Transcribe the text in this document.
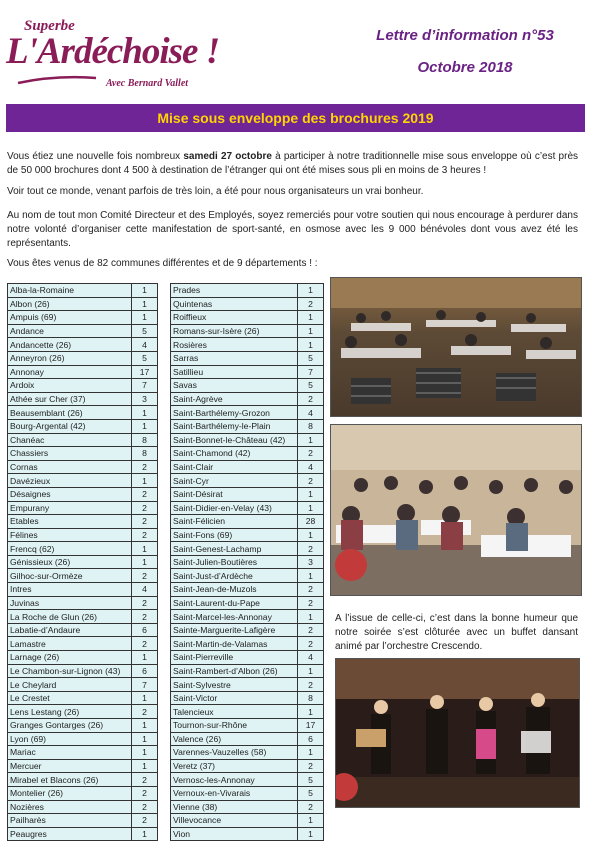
Superbe
L'Ardéchoise !
Avec Bernard Vallet
Lettre d’information n°53
Octobre 2018
Mise sous enveloppe des brochures 2019
Vous étiez une nouvelle fois nombreux samedi 27 octobre à participer à notre traditionnelle mise sous enveloppe où c’est près de 50 000 brochures dont 4 500 à destination de l’étranger qui ont été mises sous pli en moins de 3 heures !
Voir tout ce monde, venant parfois de très loin, a été pour nous organisateurs un vrai bonheur.
Au nom de tout mon Comité Directeur et des Employés, soyez remerciés pour votre soutien qui nous encourage à perdurer dans notre volonté d’organiser cette manifestation de sport-santé, en osmose avec les 9 000 bénévoles dont vous avez été les représentants.
Vous êtes venus de 82 communes différentes et de 9 départements ! :
Alba-la-Romaine	1
Albon (26)	1
Ampuis (69)	1
Andance	5
Andancette (26)	4
Anneyron (26)	5
Annonay	17
Ardoix	7
Athée sur Cher (37)	3
Beausemblant (26)	1
Bourg-Argental (42)	1
Chanéac	8
Chassiers	8
Cornas	2
Davézieux	1
Désaignes	2
Empurany	2
Etables	2
Félines	2
Frencq (62)	1
Génissieux (26)	1
Gilhoc-sur-Ormèze	2
Intres	4
Juvinas	2
La Roche de Glun (26)	2
Labatie-d’Andaure	6
Lamastre	2
Larnage (26)	1
Le Chambon-sur-Lignon (43)	6
Le Cheylard	7
Le Crestet	1
Lens Lestang (26)	2
Granges Gontarges (26)	1
Lyon (69)	1
Mariac	1
Mercuer	1
Mirabel et Blacons (26)	2
Montelier (26)	2
Nozières	2
Pailharès	2
Peaugres	1
Prades	1
Quintenas	2
Roiffieux	1
Romans-sur-Isère (26)	1
Rosières	1
Sarras	5
Satillieu	7
Savas	5
Saint-Agrève	2
Saint-Barthélemy-Grozon	4
Saint-Barthélemy-le-Plain	8
Saint-Bonnet-le-Château (42)	1
Saint-Chamond (42)	2
Saint-Clair	4
Saint-Cyr	2
Saint-Désirat	1
Saint-Didier-en-Velay (43)	1
Saint-Félicien	28
Saint-Fons (69)	1
Saint-Genest-Lachamp	2
Saint-Julien-Boutières	3
Saint-Just-d’Ardèche	1
Saint-Jean-de-Muzols	2
Saint-Laurent-du-Pape	2
Saint-Marcel-les-Annonay	1
Sainte-Marguerite-Lafigère	2
Saint-Martin-de-Valamas	2
Saint-Pierreville	4
Saint-Rambert-d’Albon (26)	1
Saint-Sylvestre	2
Saint-Victor	8
Talencieux	1
Tournon-sur-Rhône	17
Valence (26)	6
Varennes-Vauzelles (58)	1
Veretz (37)	2
Vernosc-les-Annonay	5
Vernoux-en-Vivarais	5
Vienne (38)	2
Villevocance	1
Vion	1
A l’issue de celle-ci, c’est dans la bonne humeur que notre soirée s’est clôturée avec un buffet dansant animé par l’orchestre Crescendo.
